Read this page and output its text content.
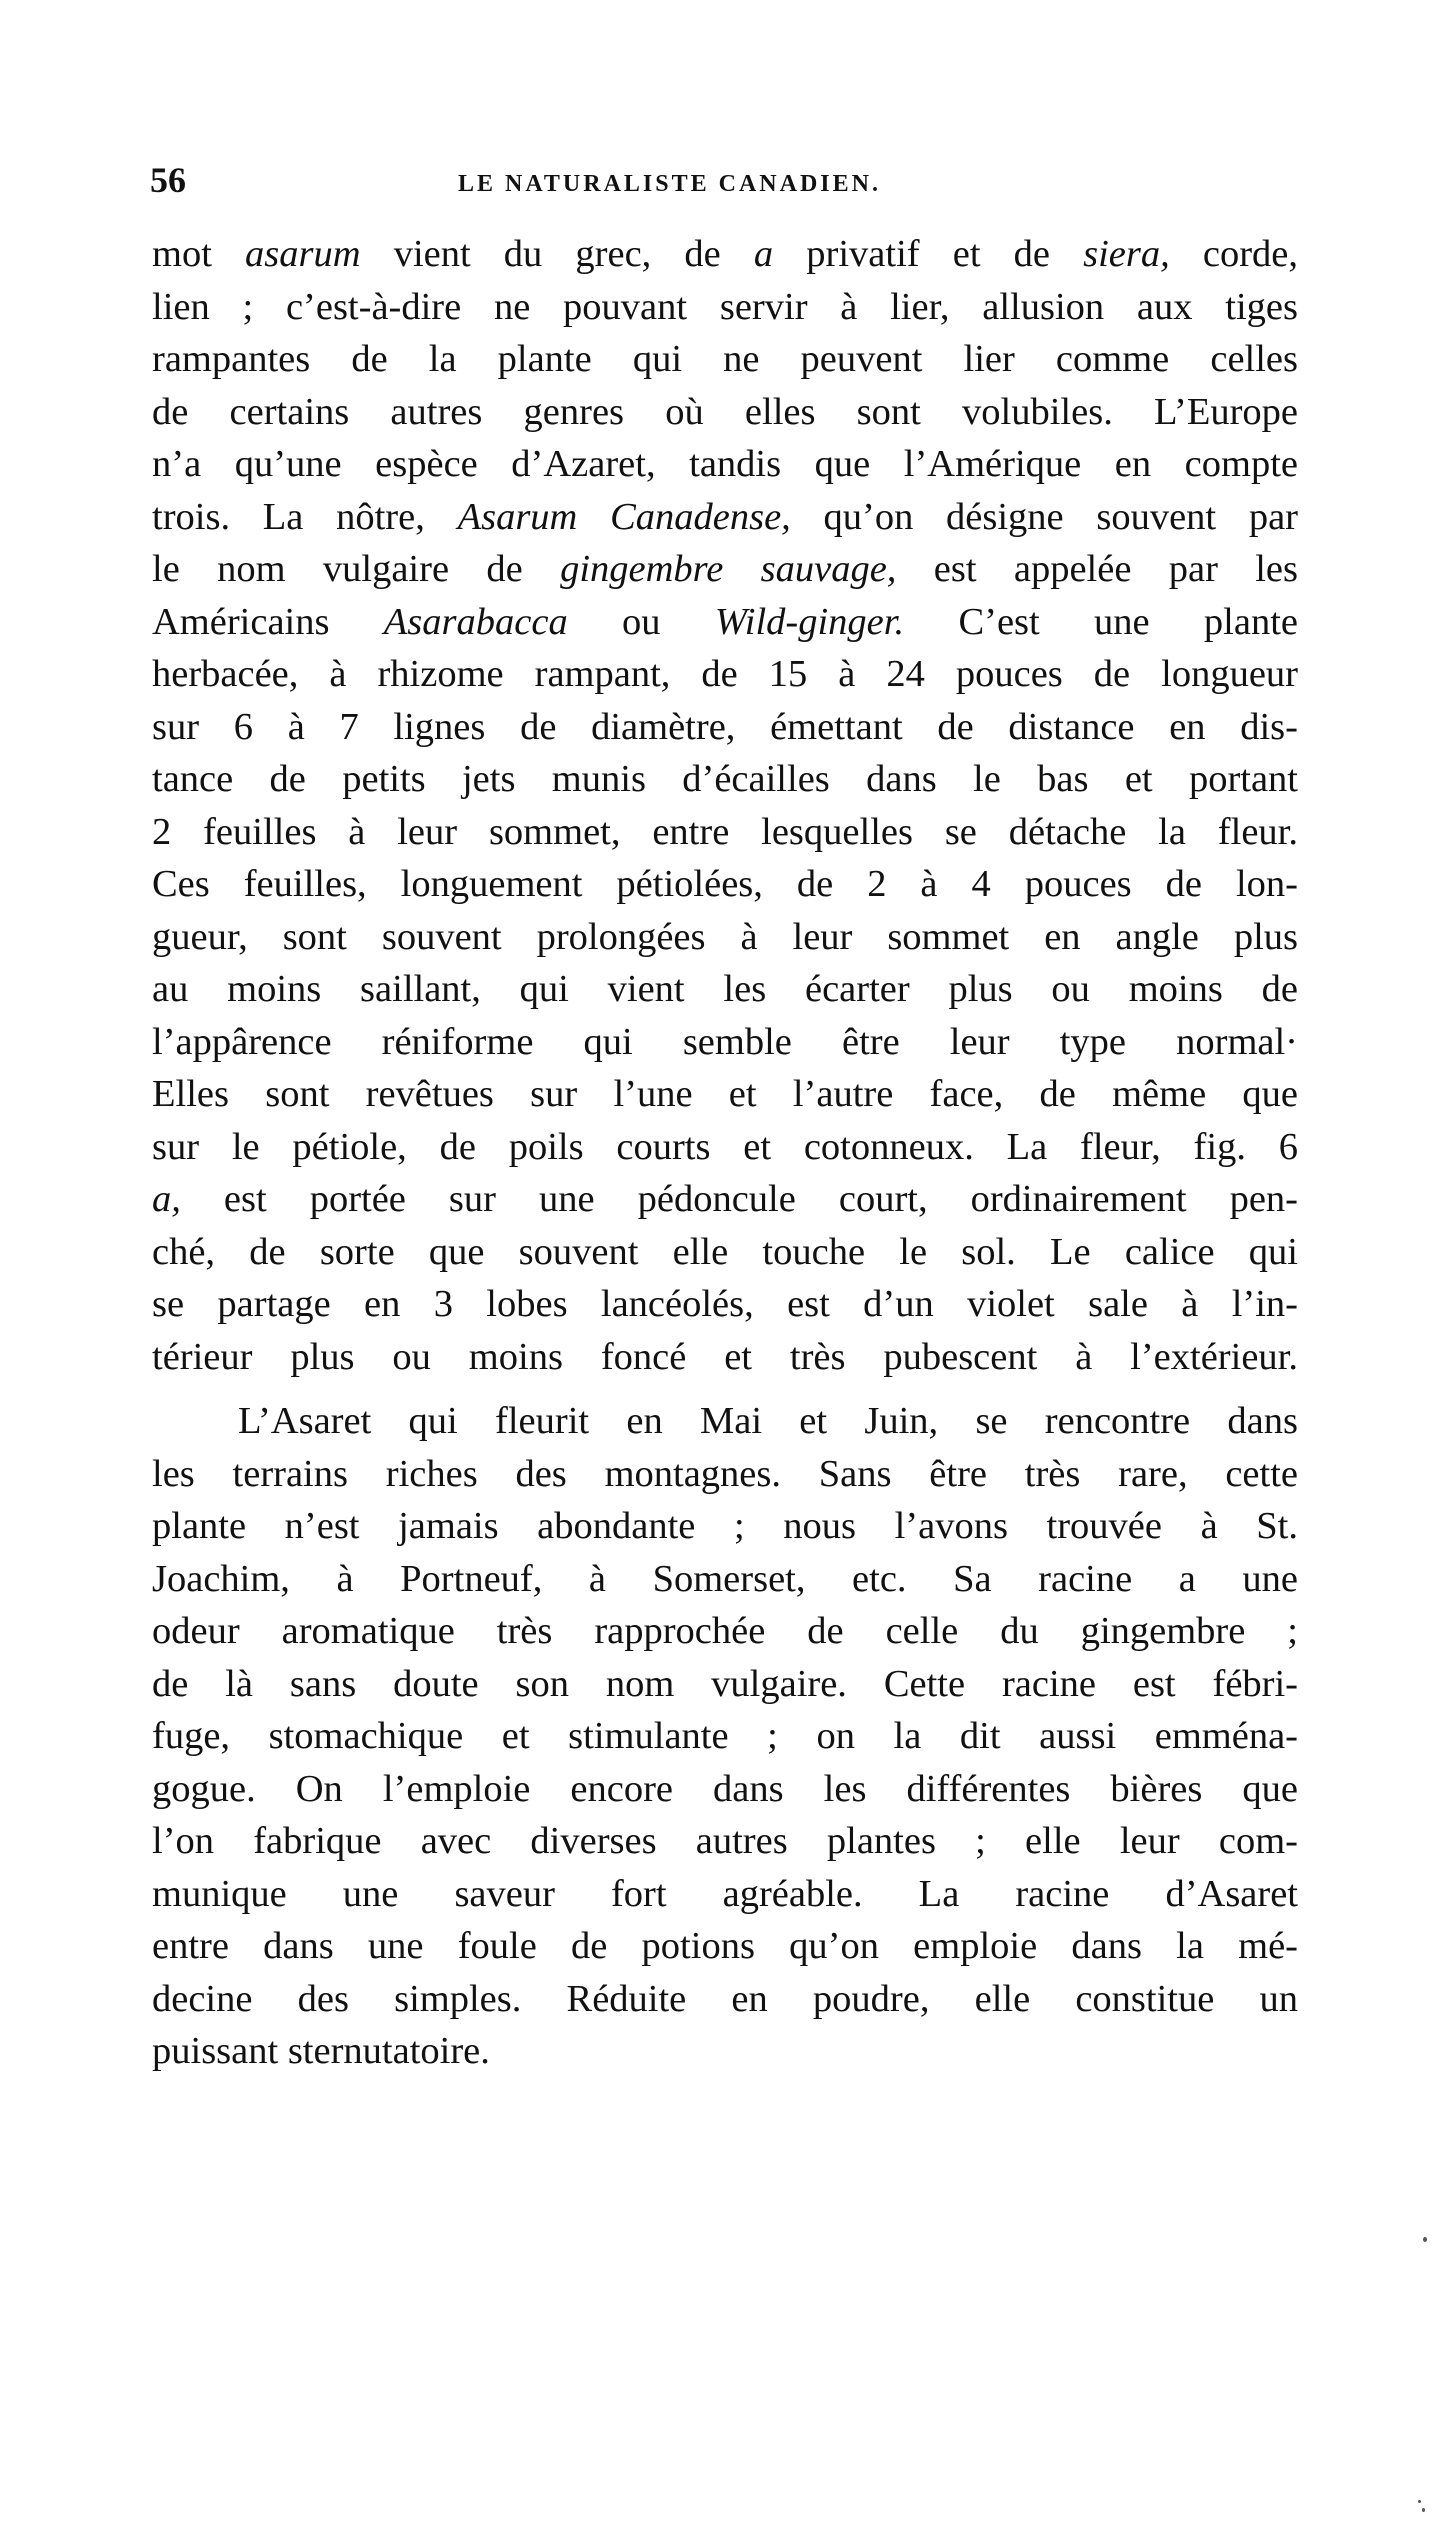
56	LE NATURALISTE CANADIEN.

mot asarum vient du grec, de a privatif et de siera, corde,
lien ; c’est-à-dire ne pouvant servir à lier, allusion aux tiges
rampantes de la plante qui ne peuvent lier comme celles
de certains autres genres où elles sont volubiles. L’Europe
n’a qu’une espèce d’Azaret, tandis que l’Amérique en compte
trois. La nôtre, Asarum Canadense, qu’on désigne souvent par
le nom vulgaire de gingembre sauvage, est appelée par les
Américains Asarabacca ou Wild-ginger. C’est une plante
herbacée, à rhizome rampant, de 15 à 24 pouces de longueur
sur 6 à 7 lignes de diamètre, émettant de distance en dis-
tance de petits jets munis d’écailles dans le bas et portant
2 feuilles à leur sommet, entre lesquelles se détache la fleur.
Ces feuilles, longuement pétiolées, de 2 à 4 pouces de lon-
gueur, sont souvent prolongées à leur sommet en angle plus
au moins saillant, qui vient les écarter plus ou moins de
l’appârence réniforme qui semble être leur type normal·
Elles sont revêtues sur l’une et l’autre face, de même que
sur le pétiole, de poils courts et cotonneux. La fleur, fig. 6
a, est portée sur une pédoncule court, ordinairement pen-
ché, de sorte que souvent elle touche le sol. Le calice qui
se partage en 3 lobes lancéolés, est d’un violet sale à l’in-
térieur plus ou moins foncé et très pubescent à l’extérieur.

L’Asaret qui fleurit en Mai et Juin, se rencontre dans
les terrains riches des montagnes. Sans être très rare, cette
plante n’est jamais abondante ; nous l’avons trouvée à St.
Joachim, à Portneuf, à Somerset, etc. Sa racine a une
odeur aromatique très rapprochée de celle du gingembre ;
de là sans doute son nom vulgaire. Cette racine est fébri-
fuge, stomachique et stimulante ; on la dit aussi emména-
gogue. On l’emploie encore dans les différentes bières que
l’on fabrique avec diverses autres plantes ; elle leur com-
munique une saveur fort agréable. La racine d’Asaret
entre dans une foule de potions qu’on emploie dans la mé-
decine des simples. Réduite en poudre, elle constitue un
puissant sternutatoire.
